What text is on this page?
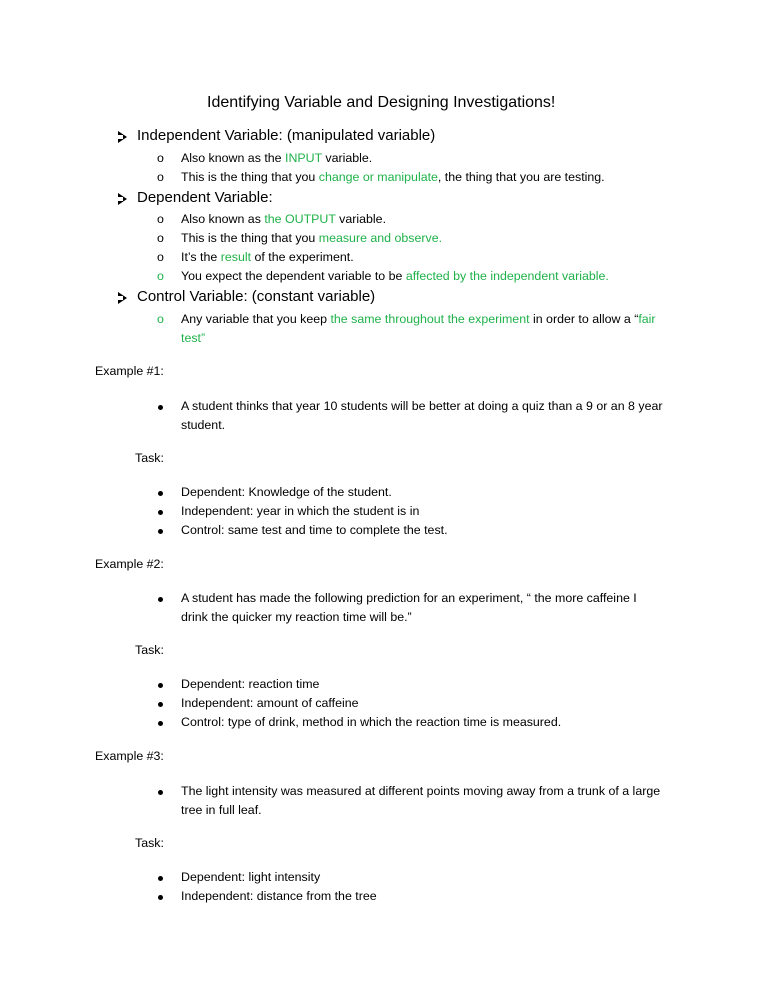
Identifying Variable and Designing Investigations!
Independent Variable: (manipulated variable)
o Also known as the INPUT variable.
o This is the thing that you change or manipulate, the thing that you are testing.
Dependent Variable:
o Also known as the OUTPUT variable.
o This is the thing that you measure and observe.
o It’s the result of the experiment.
o You expect the dependent variable to be affected by the independent variable.
Control Variable: (constant variable)
o Any variable that you keep the same throughout the experiment in order to allow a “fair
test”
Example #1:
A student thinks that year 10 students will be better at doing a quiz than a 9 or an 8 year
student.
Task:
Dependent: Knowledge of the student.
Independent: year in which the student is in
Control: same test and time to complete the test.
Example #2:
A student has made the following prediction for an experiment, “ the more caffeine I
drink the quicker my reaction time will be.”
Task:
Dependent: reaction time
Independent: amount of caffeine
Control: type of drink, method in which the reaction time is measured.
Example #3:
The light intensity was measured at different points moving away from a trunk of a large
tree in full leaf.
Task:
Dependent: light intensity
Independent: distance from the tree
